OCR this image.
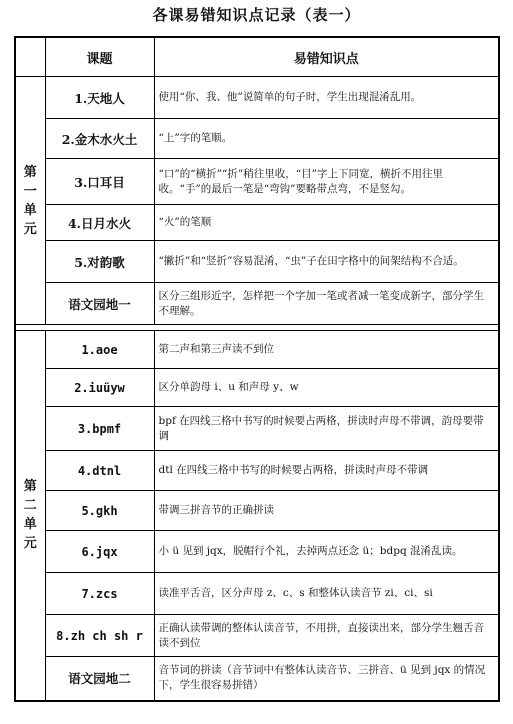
各课易错知识点记录（表一）
	课题	易错知识点
第
一
单
元	1.天地人	使用“你、我、他”说简单的句子时，学生出现混淆乱用。
	2.金木水火土	“上”字的笔顺。
	3.口耳目	“口”的“横折”“折”稍往里收，“目”字上下同宽，横折不用往里收。“手”的最后一笔是“弯钩”要略带点弯，不是竖勾。
	4.日月水火	“火”的笔顺
	5.对韵歌	“撇折”和“竖折”容易混淆，“虫”子在田字格中的间架结构不合适。
	语文园地一	区分三组形近字，怎样把一个字加一笔或者减一笔变成新字，部分学生不理解。

第
二
单
元	1.aoe	第二声和第三声读不到位
	2.iuüyw	区分单韵母 i、u 和声母 y、w
	3.bpmf	bpf 在四线三格中书写的时候要占两格，拼读时声母不带调，韵母要带调
	4.dtnl	dtl 在四线三格中书写的时候要占两格，拼读时声母不带调
	5.gkh	带调三拼音节的正确拼读
	6.jqx	小 ü 见到 jqx，脱帽行个礼，去掉两点还念 ü；bdpq 混淆乱读。
	7.zcs	读准平舌音，区分声母 z、c、s 和整体认读音节 zi、ci、si
	8.zh ch sh r	正确认读带调的整体认读音节，不用拼，直接读出来，部分学生翘舌音读不到位
	语文园地二	音节词的拼读（音节词中有整体认读音节、三拼音、ü 见到 jqx 的情况下，学生很容易拼错）
